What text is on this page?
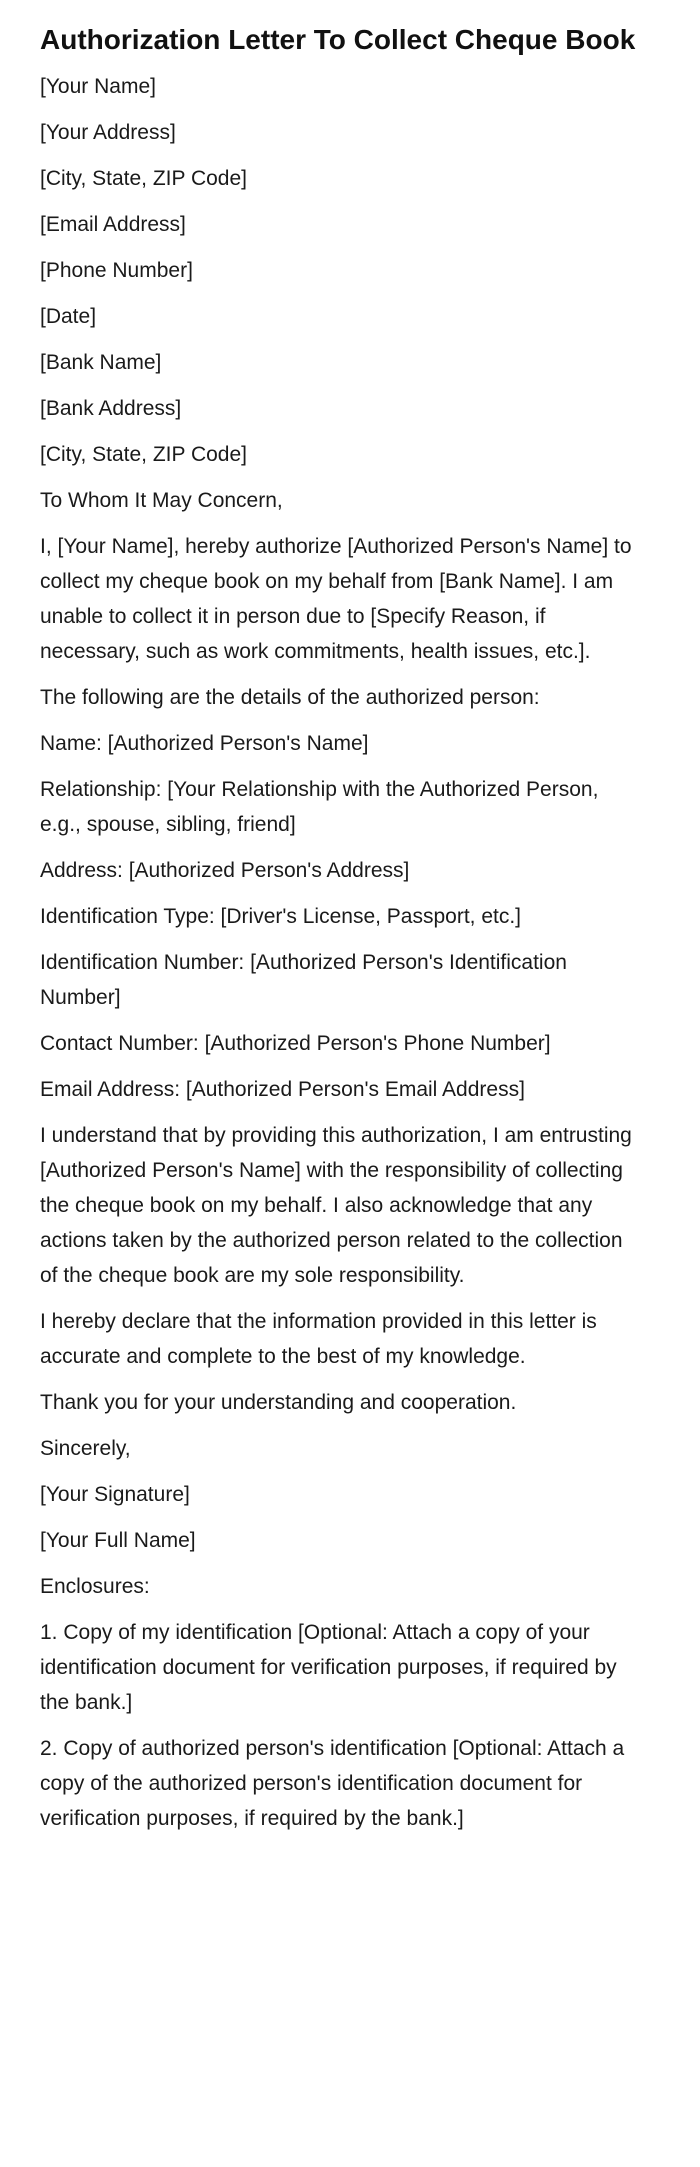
Authorization Letter To Collect Cheque Book

[Your Name]

[Your Address]

[City, State, ZIP Code]

[Email Address]

[Phone Number]

[Date]

[Bank Name]

[Bank Address]

[City, State, ZIP Code]

To Whom It May Concern,

I, [Your Name], hereby authorize [Authorized Person's Name] to collect my cheque book on my behalf from [Bank Name]. I am unable to collect it in person due to [Specify Reason, if necessary, such as work commitments, health issues, etc.].

The following are the details of the authorized person:

Name: [Authorized Person's Name]

Relationship: [Your Relationship with the Authorized Person, e.g., spouse, sibling, friend]

Address: [Authorized Person's Address]

Identification Type: [Driver's License, Passport, etc.]

Identification Number: [Authorized Person's Identification Number]

Contact Number: [Authorized Person's Phone Number]

Email Address: [Authorized Person's Email Address]

I understand that by providing this authorization, I am entrusting [Authorized Person's Name] with the responsibility of collecting the cheque book on my behalf. I also acknowledge that any actions taken by the authorized person related to the collection of the cheque book are my sole responsibility.

I hereby declare that the information provided in this letter is accurate and complete to the best of my knowledge.

Thank you for your understanding and cooperation.

Sincerely,

[Your Signature]

[Your Full Name]

Enclosures:

1. Copy of my identification [Optional: Attach a copy of your identification document for verification purposes, if required by the bank.]

2. Copy of authorized person's identification [Optional: Attach a copy of the authorized person's identification document for verification purposes, if required by the bank.]
